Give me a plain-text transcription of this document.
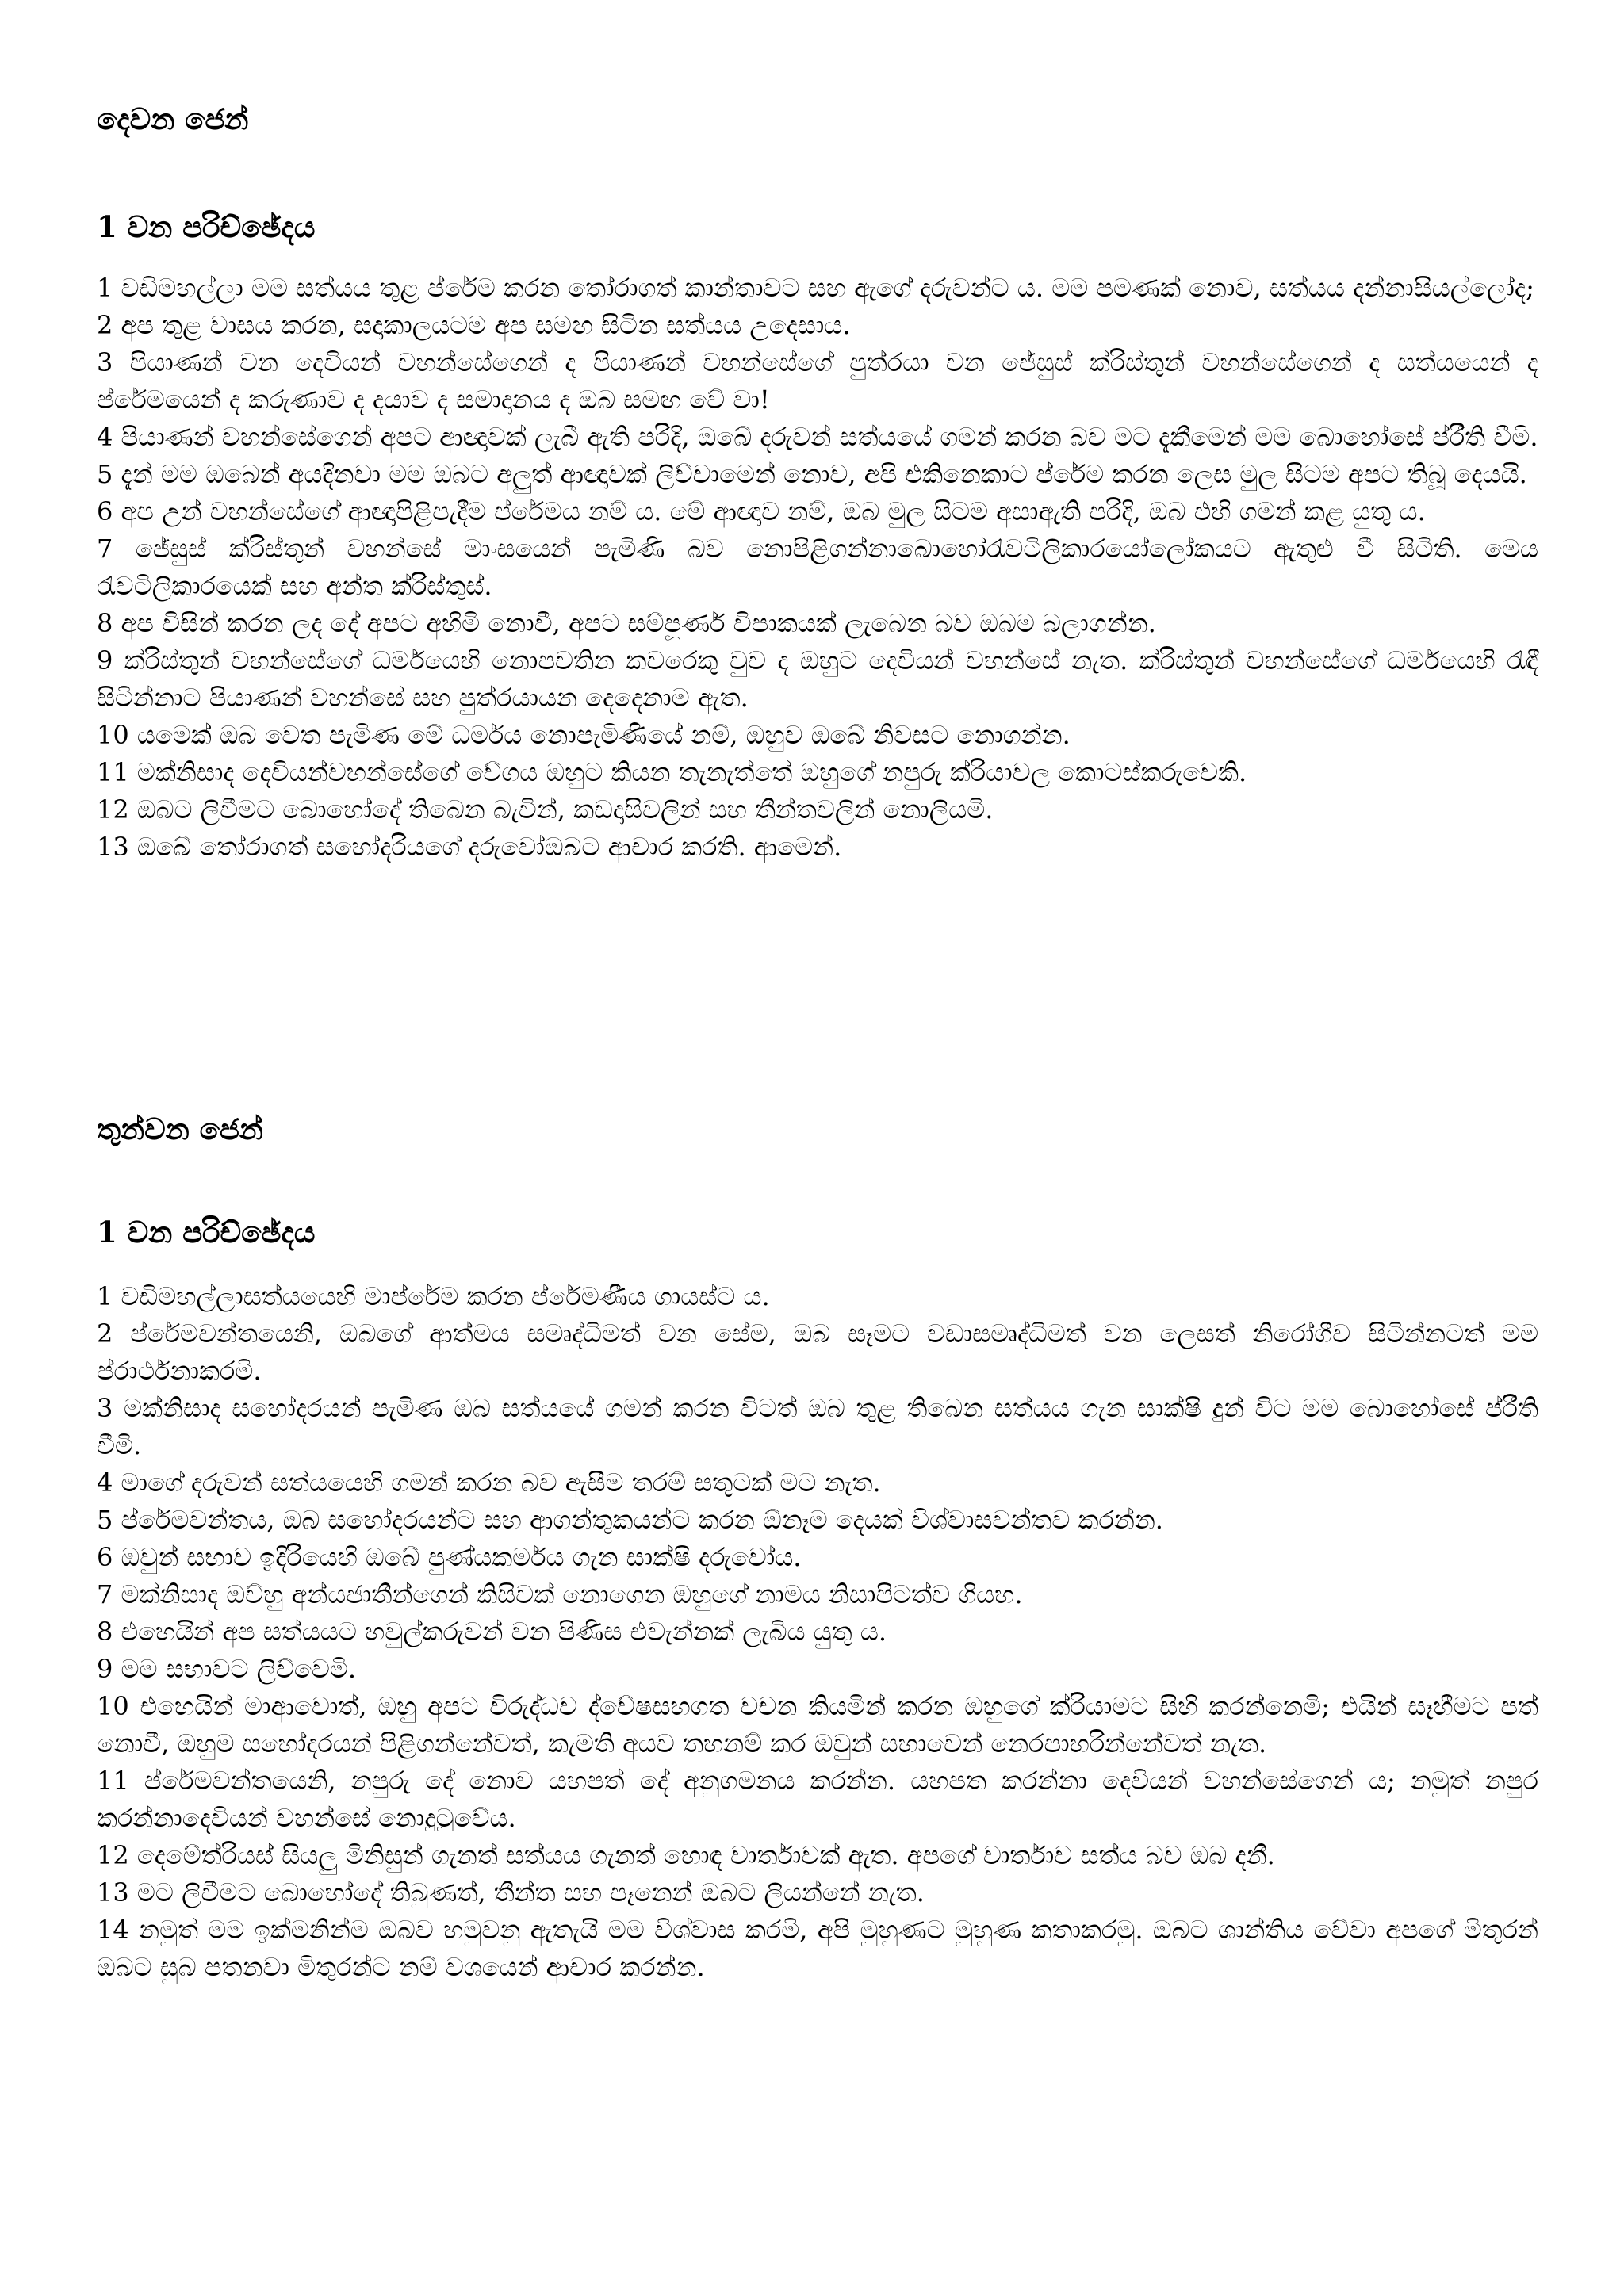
දෙවන ජෙන්
1 වන පරිච්ඡේදය

1 වඩිමහල්ලා මම සත්යය තුළ ප්රේම කරන තෝරාගත් කාන්තාවට සහ ඇගේ දරුවන්ට ය. මම පමණක් නොව, සත්යය දන්නාසියල්ලෝද;

2 අප තුළ වාසය කරන, සදාකාලයටම අප සමඟ සිටින සත්යය උදෙසාය.

3 පියාණන් වන දෙවියන් වහන්සේගෙන් ද පියාණන් වහන්සේගේ පුත්රයා වන ජේසුස් ක්රිස්තුන් වහන්සේගෙන් ද සත්යයෙන් ද ප්රේමයෙන් ද කරුණාව ද දයාව ද සමාදානය ද ඔබ සමඟ වේ වා!

4 පියාණන් වහන්සේගෙන් අපට ආඥාවක් ලැබී ඇති පරිදි, ඔබේ දරුවන් සත්යයේ ගමන් කරන බව මට දැකීමෙන් මම බොහෝසේ ප්රීති වීමි.

5 දැන් මම ඔබෙන් අයදිනවා මම ඔබට අලුත් ආඥාවක් ලිව්වාමෙන් නොව, අපි එකිනෙකාට ප්රේම කරන ලෙස මුල සිටම අපට තිබූ දෙයයි.

6 අප උන් වහන්සේගේ ආඥාපිළිපැදීම ප්රේමය නම් ය. මේ ආඥාව නම්, ඔබ මුල සිටම අසාඇති පරිදි, ඔබ එහි ගමන් කළ යුතු ය.

7 ජේසුස් ක්රිස්තුන් වහන්සේ මාංසයෙන් පැමිණි බව නොපිළිගන්නාබොහෝරැවටිලිකාරයෝලෝකයට ඇතුළු වී සිටිති. මෙය රැවටිලිකාරයෙක් සහ අන්ත ක්රිස්තුස්.

8 අප විසින් කරන ලද දේ අපට අහිමි නොවී, අපට සම්පූර්ණ විපාකයක් ලැබෙන බව ඔබම බලාගන්න.

9 ක්රිස්තුන් වහන්සේගේ ධර්මයෙහි නොපවතින කවරෙකු වුව ද ඔහුට දෙවියන් වහන්සේ නැත. ක්රිස්තුන් වහන්සේගේ ධර්මයෙහි රැඳී සිටින්නාට පියාණන් වහන්සේ සහ පුත්රයායන දෙදෙනාම ඇත.

10 යමෙක් ඔබ වෙත පැමිණ මේ ධර්මය නොපැමිණියේ නම්, ඔහුව ඔබේ නිවසට නොගන්න.

11 මක්නිසාද දෙවියන්වහන්සේගේ වේගය ඔහුට කියන තැනැත්තේ ඔහුගේ නපුරු ක්රියාවල කොටස්කරුවෙකි.

12 ඔබට ලිවීමට බොහෝදේ තිබෙන බැවින්, කඩදාසිවලින් සහ තීන්තවලින් නොලියමි.

13 ඔබේ තෝරාගත් සහෝදරියගේ දරුවෝඔබට ආචාර කරති. ආමෙන්.

තුන්වන ජෙන්
1 වන පරිච්ඡේදය

1 වඩිමහල්ලාසත්යයෙහි මාප්රේම කරන ප්රේමණීය ගායස්ට ය.

2 ප්රේමවන්තයෙනි, ඔබගේ ආත්මය සමෘද්ධිමත් වන සේම, ඔබ සෑමට වඩාසමෘද්ධිමත් වන ලෙසත් නිරෝගීව සිටින්නටත් මම ප්රාර්ථනාකරමි.

3 මක්නිසාද සහෝදරයන් පැමිණ ඔබ සත්යයේ ගමන් කරන විටත් ඔබ තුළ තිබෙන සත්යය ගැන සාක්ෂි දුන් විට මම බොහෝසේ ප්රීති වීමි.

4 මාගේ දරුවන් සත්යයෙහි ගමන් කරන බව ඇසීම තරම් සතුටක් මට නැත.

5 ප්රේමවන්තය, ඔබ සහෝදරයන්ට සහ ආගන්තුකයන්ට කරන ඕනෑම දෙයක් විශ්වාසවන්තව කරන්න.

6 ඔවුන් සභාව ඉදිරියෙහි ඔබේ පුණ්යකර්මය ගැන සාක්ෂි දරුවෝය.

7 මක්නිසාද ඔව්හු අන්යජාතීන්ගෙන් කිසිවක් නොගෙන ඔහුගේ නාමය නිසාපිටත්ව ගියහ.

8 එහෙයින් අප සත්යයට හවුල්කරුවන් වන පිණිස එවැන්නක් ලැබිය යුතු ය.

9 මම සභාවට ලිව්වෙමි.

10 එහෙයින් මාආවොත්, ඔහු අපට විරුද්ධව ද්වේෂසහගත වචන කියමින් කරන ඔහුගේ ක්රියාමට සිහි කරන්නෙමි; එයින් සෑහීමට පත් නොවී, ඔහුම සහෝදරයන් පිළිගන්නේවත්, කැමති අයව තහනම් කර ඔවුන් සභාවෙන් නෙරපාහරින්නේවත් නැත.

11 ප්රේමවන්තයෙනි, නපුරු දේ නොව යහපත් දේ අනුගමනය කරන්න. යහපත කරන්නා දෙවියන් වහන්සේගෙන් ය; නමුත් නපුර කරන්නාදෙවියන් වහන්සේ නොදුටුවේය.

12 දෙමේත්රියස් සියලු මිනිසුන් ගැනත් සත්යය ගැනත් හොඳ වාර්තාවක් ඇත. අපගේ වාර්තාව සත්ය බව ඔබ දනී.

13 මට ලිවීමට බොහෝදේ තිබුණත්, තීන්ත සහ පෑනෙන් ඔබට ලියන්නේ නැත.

14 නමුත් මම ඉක්මනින්ම ඔබව හමුවනු ඇතැයි මම විශ්වාස කරමි, අපි මුහුණට මුහුණ කතාකරමු. ඔබට ශාන්තිය වේවා අපගේ මිතුරන් ඔබට සුබ පතනවා මිතුරන්ට නම් වශයෙන් ආචාර කරන්න.
